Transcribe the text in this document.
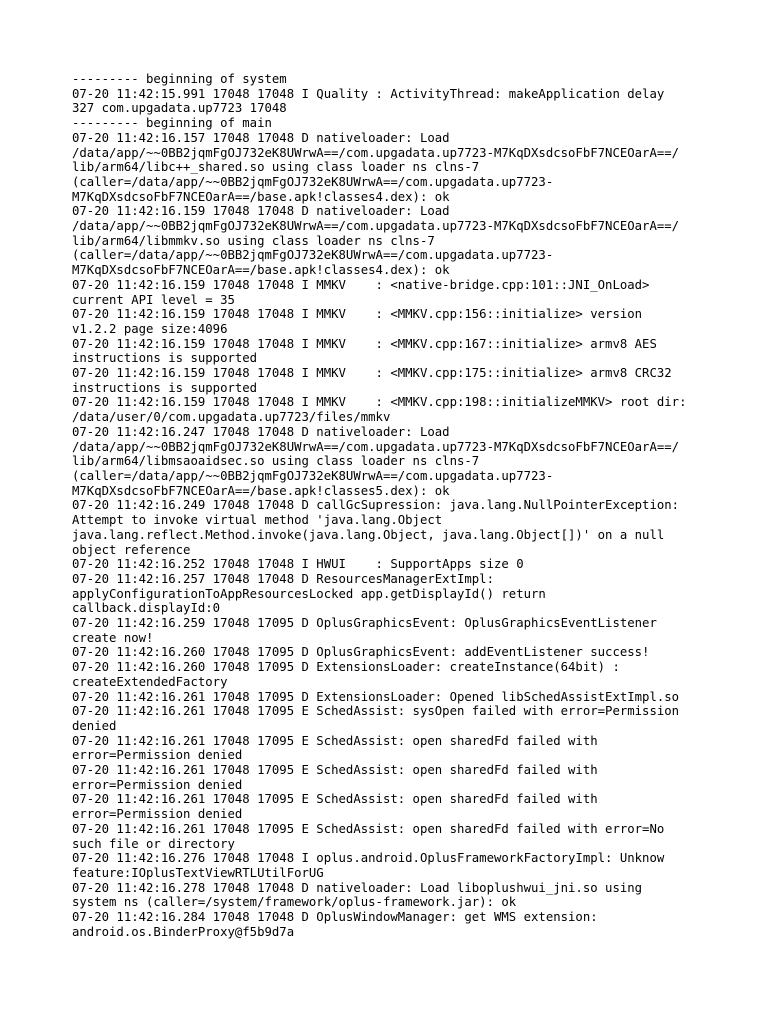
--------- beginning of system
07-20 11:42:15.991 17048 17048 I Quality : ActivityThread: makeApplication delay
327 com.upgadata.up7723 17048
--------- beginning of main
07-20 11:42:16.157 17048 17048 D nativeloader: Load
/data/app/~~0BB2jqmFgOJ732eK8UWrwA==/com.upgadata.up7723-M7KqDXsdcsoFbF7NCEOarA==/
lib/arm64/libc++_shared.so using class loader ns clns-7
(caller=/data/app/~~0BB2jqmFgOJ732eK8UWrwA==/com.upgadata.up7723-
M7KqDXsdcsoFbF7NCEOarA==/base.apk!classes4.dex): ok
07-20 11:42:16.159 17048 17048 D nativeloader: Load
/data/app/~~0BB2jqmFgOJ732eK8UWrwA==/com.upgadata.up7723-M7KqDXsdcsoFbF7NCEOarA==/
lib/arm64/libmmkv.so using class loader ns clns-7
(caller=/data/app/~~0BB2jqmFgOJ732eK8UWrwA==/com.upgadata.up7723-
M7KqDXsdcsoFbF7NCEOarA==/base.apk!classes4.dex): ok
07-20 11:42:16.159 17048 17048 I MMKV    : <native-bridge.cpp:101::JNI_OnLoad>
current API level = 35
07-20 11:42:16.159 17048 17048 I MMKV    : <MMKV.cpp:156::initialize> version
v1.2.2 page size:4096
07-20 11:42:16.159 17048 17048 I MMKV    : <MMKV.cpp:167::initialize> armv8 AES
instructions is supported
07-20 11:42:16.159 17048 17048 I MMKV    : <MMKV.cpp:175::initialize> armv8 CRC32
instructions is supported
07-20 11:42:16.159 17048 17048 I MMKV    : <MMKV.cpp:198::initializeMMKV> root dir:
/data/user/0/com.upgadata.up7723/files/mmkv
07-20 11:42:16.247 17048 17048 D nativeloader: Load
/data/app/~~0BB2jqmFgOJ732eK8UWrwA==/com.upgadata.up7723-M7KqDXsdcsoFbF7NCEOarA==/
lib/arm64/libmsaoaidsec.so using class loader ns clns-7
(caller=/data/app/~~0BB2jqmFgOJ732eK8UWrwA==/com.upgadata.up7723-
M7KqDXsdcsoFbF7NCEOarA==/base.apk!classes5.dex): ok
07-20 11:42:16.249 17048 17048 D callGcSupression: java.lang.NullPointerException:
Attempt to invoke virtual method 'java.lang.Object
java.lang.reflect.Method.invoke(java.lang.Object, java.lang.Object[])' on a null
object reference
07-20 11:42:16.252 17048 17048 I HWUI    : SupportApps size 0
07-20 11:42:16.257 17048 17048 D ResourcesManagerExtImpl:
applyConfigurationToAppResourcesLocked app.getDisplayId() return
callback.displayId:0
07-20 11:42:16.259 17048 17095 D OplusGraphicsEvent: OplusGraphicsEventListener
create now!
07-20 11:42:16.260 17048 17095 D OplusGraphicsEvent: addEventListener success!
07-20 11:42:16.260 17048 17095 D ExtensionsLoader: createInstance(64bit) :
createExtendedFactory
07-20 11:42:16.261 17048 17095 D ExtensionsLoader: Opened libSchedAssistExtImpl.so
07-20 11:42:16.261 17048 17095 E SchedAssist: sysOpen failed with error=Permission
denied
07-20 11:42:16.261 17048 17095 E SchedAssist: open sharedFd failed with
error=Permission denied
07-20 11:42:16.261 17048 17095 E SchedAssist: open sharedFd failed with
error=Permission denied
07-20 11:42:16.261 17048 17095 E SchedAssist: open sharedFd failed with
error=Permission denied
07-20 11:42:16.261 17048 17095 E SchedAssist: open sharedFd failed with error=No
such file or directory
07-20 11:42:16.276 17048 17048 I oplus.android.OplusFrameworkFactoryImpl: Unknow
feature:IOplusTextViewRTLUtilForUG
07-20 11:42:16.278 17048 17048 D nativeloader: Load liboplushwui_jni.so using
system ns (caller=/system/framework/oplus-framework.jar): ok
07-20 11:42:16.284 17048 17048 D OplusWindowManager: get WMS extension:
android.os.BinderProxy@f5b9d7a
